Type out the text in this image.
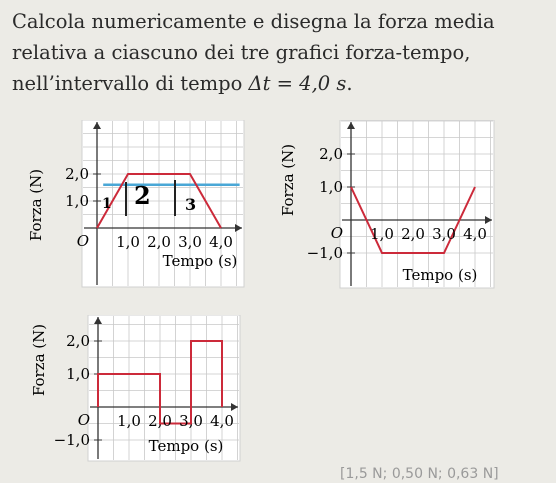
Calcola numericamente e disegna la forza media relativa a ciascuno dei tre grafici forza-tempo, nell’intervallo di tempo Δt = 4,0 s.

Forza (N) 1,0
2,0
1,0 2,0 3,0 4,0
O
Tempo (s)
1 2 3	Forza (N)
−1,0
1,0
2,0
1,0 2,0 3,0 4,0
O
Tempo (s)
Forza (N)
−1,0
1,0
2,0
1,0 2,0 3,0 4,0
O
Tempo (s)
[1,5 N; 0,50 N; 0,63 N]
